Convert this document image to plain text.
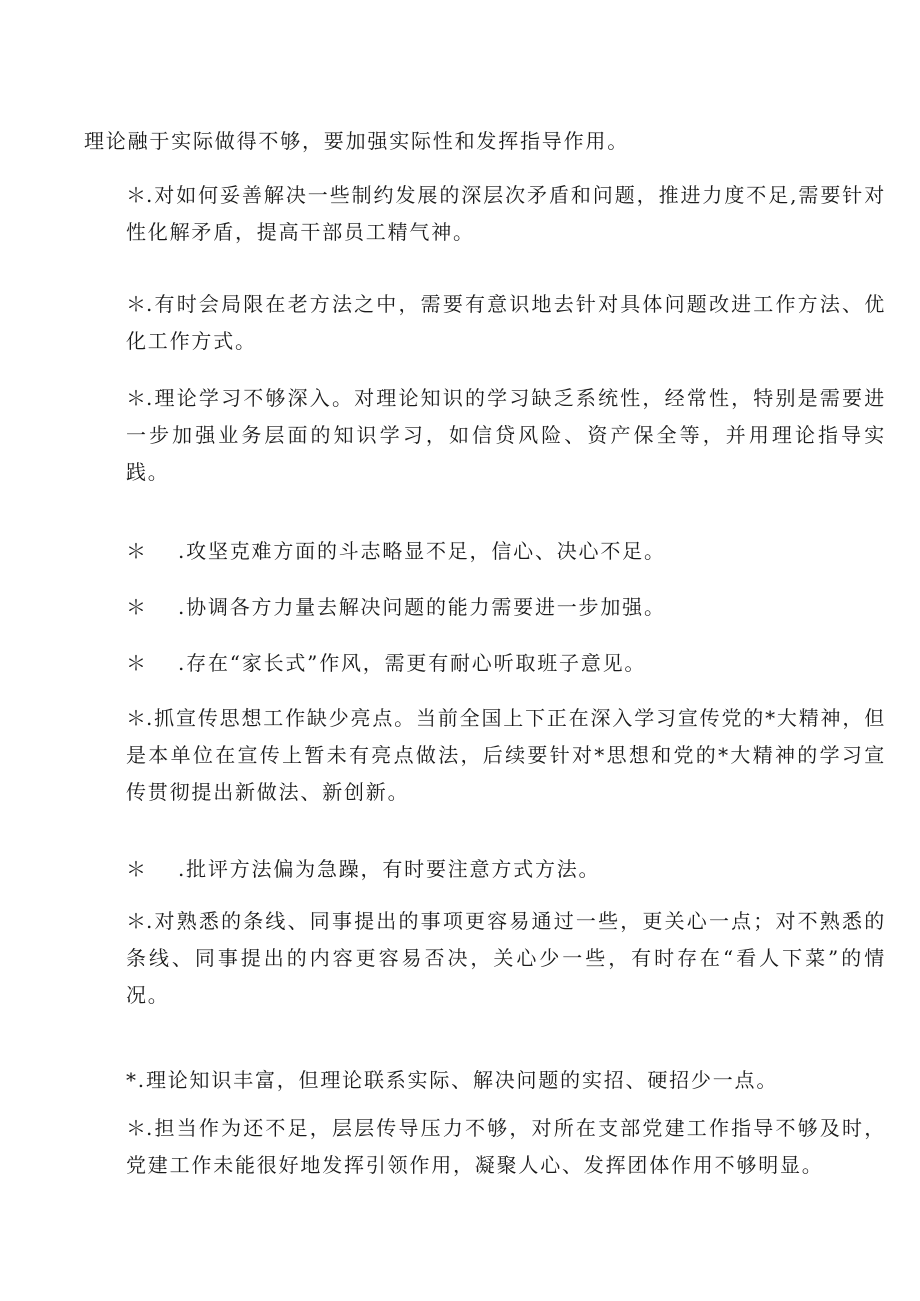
理论融于实际做得不够，要加强实际性和发挥指导作用。
＊.对如何妥善解决一些制约发展的深层次矛盾和问题，推进力度不足,需要针对性化解矛盾，提高干部员工精气神。
＊.有时会局限在老方法之中，需要有意识地去针对具体问题改进工作方法、优化工作方式。
＊.理论学习不够深入。对理论知识的学习缺乏系统性，经常性，特别是需要进一步加强业务层面的知识学习，如信贷风险、资产保全等，并用理论指导实践。
＊ .攻坚克难方面的斗志略显不足，信心、决心不足。
＊ .协调各方力量去解决问题的能力需要进一步加强。
＊ .存在“家长式”作风，需更有耐心听取班子意见。
＊.抓宣传思想工作缺少亮点。当前全国上下正在深入学习宣传党的*大精神，但是本单位在宣传上暂未有亮点做法，后续要针对*思想和党的*大精神的学习宣传贯彻提出新做法、新创新。
＊ .批评方法偏为急躁，有时要注意方式方法。
＊.对熟悉的条线、同事提出的事项更容易通过一些，更关心一点；对不熟悉的条线、同事提出的内容更容易否决，关心少一些，有时存在“看人下菜”的情况。
*.理论知识丰富，但理论联系实际、解决问题的实招、硬招少一点。
＊.担当作为还不足，层层传导压力不够，对所在支部党建工作指导不够及时，党建工作未能很好地发挥引领作用，凝聚人心、发挥团体作用不够明显。
